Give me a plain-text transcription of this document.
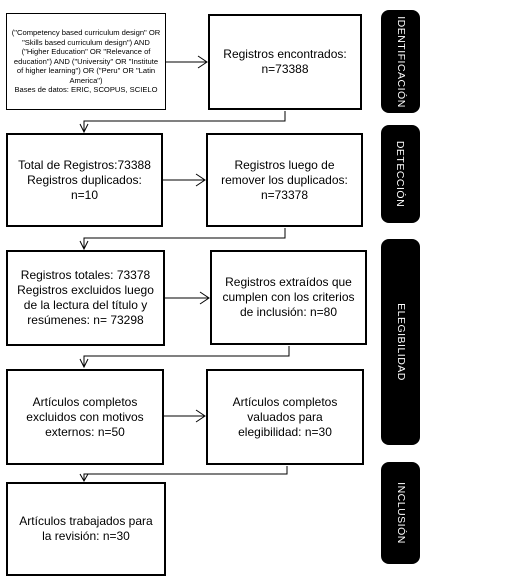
("Competency based curriculum design" OR "Skills based curriculum design") AND ("Higher Education" OR "Relevance of education") AND ("University" OR "Institute of higher learning") OR ("Peru" OR "Latin America")
Bases de datos: ERIC, SCOPUS, SCIELO
Registros encontrados:
n=73388
Total de Registros:73388
Registros duplicados:
n=10
Registros luego de
remover los duplicados:
n=73378
Registros totales: 73378
Registros excluidos luego de la lectura del título y resúmenes: n= 73298
Registros extraídos que cumplen con los criterios de inclusión: n=80
Artículos completos excluidos con motivos externos: n=50
Artículos completos valuados para elegibilidad: n=30
Artículos trabajados para la revisión: n=30
IDENTIFICACIÓN
DETECCIÓN
ELEGIBILIDAD
INCLUSIÓN
